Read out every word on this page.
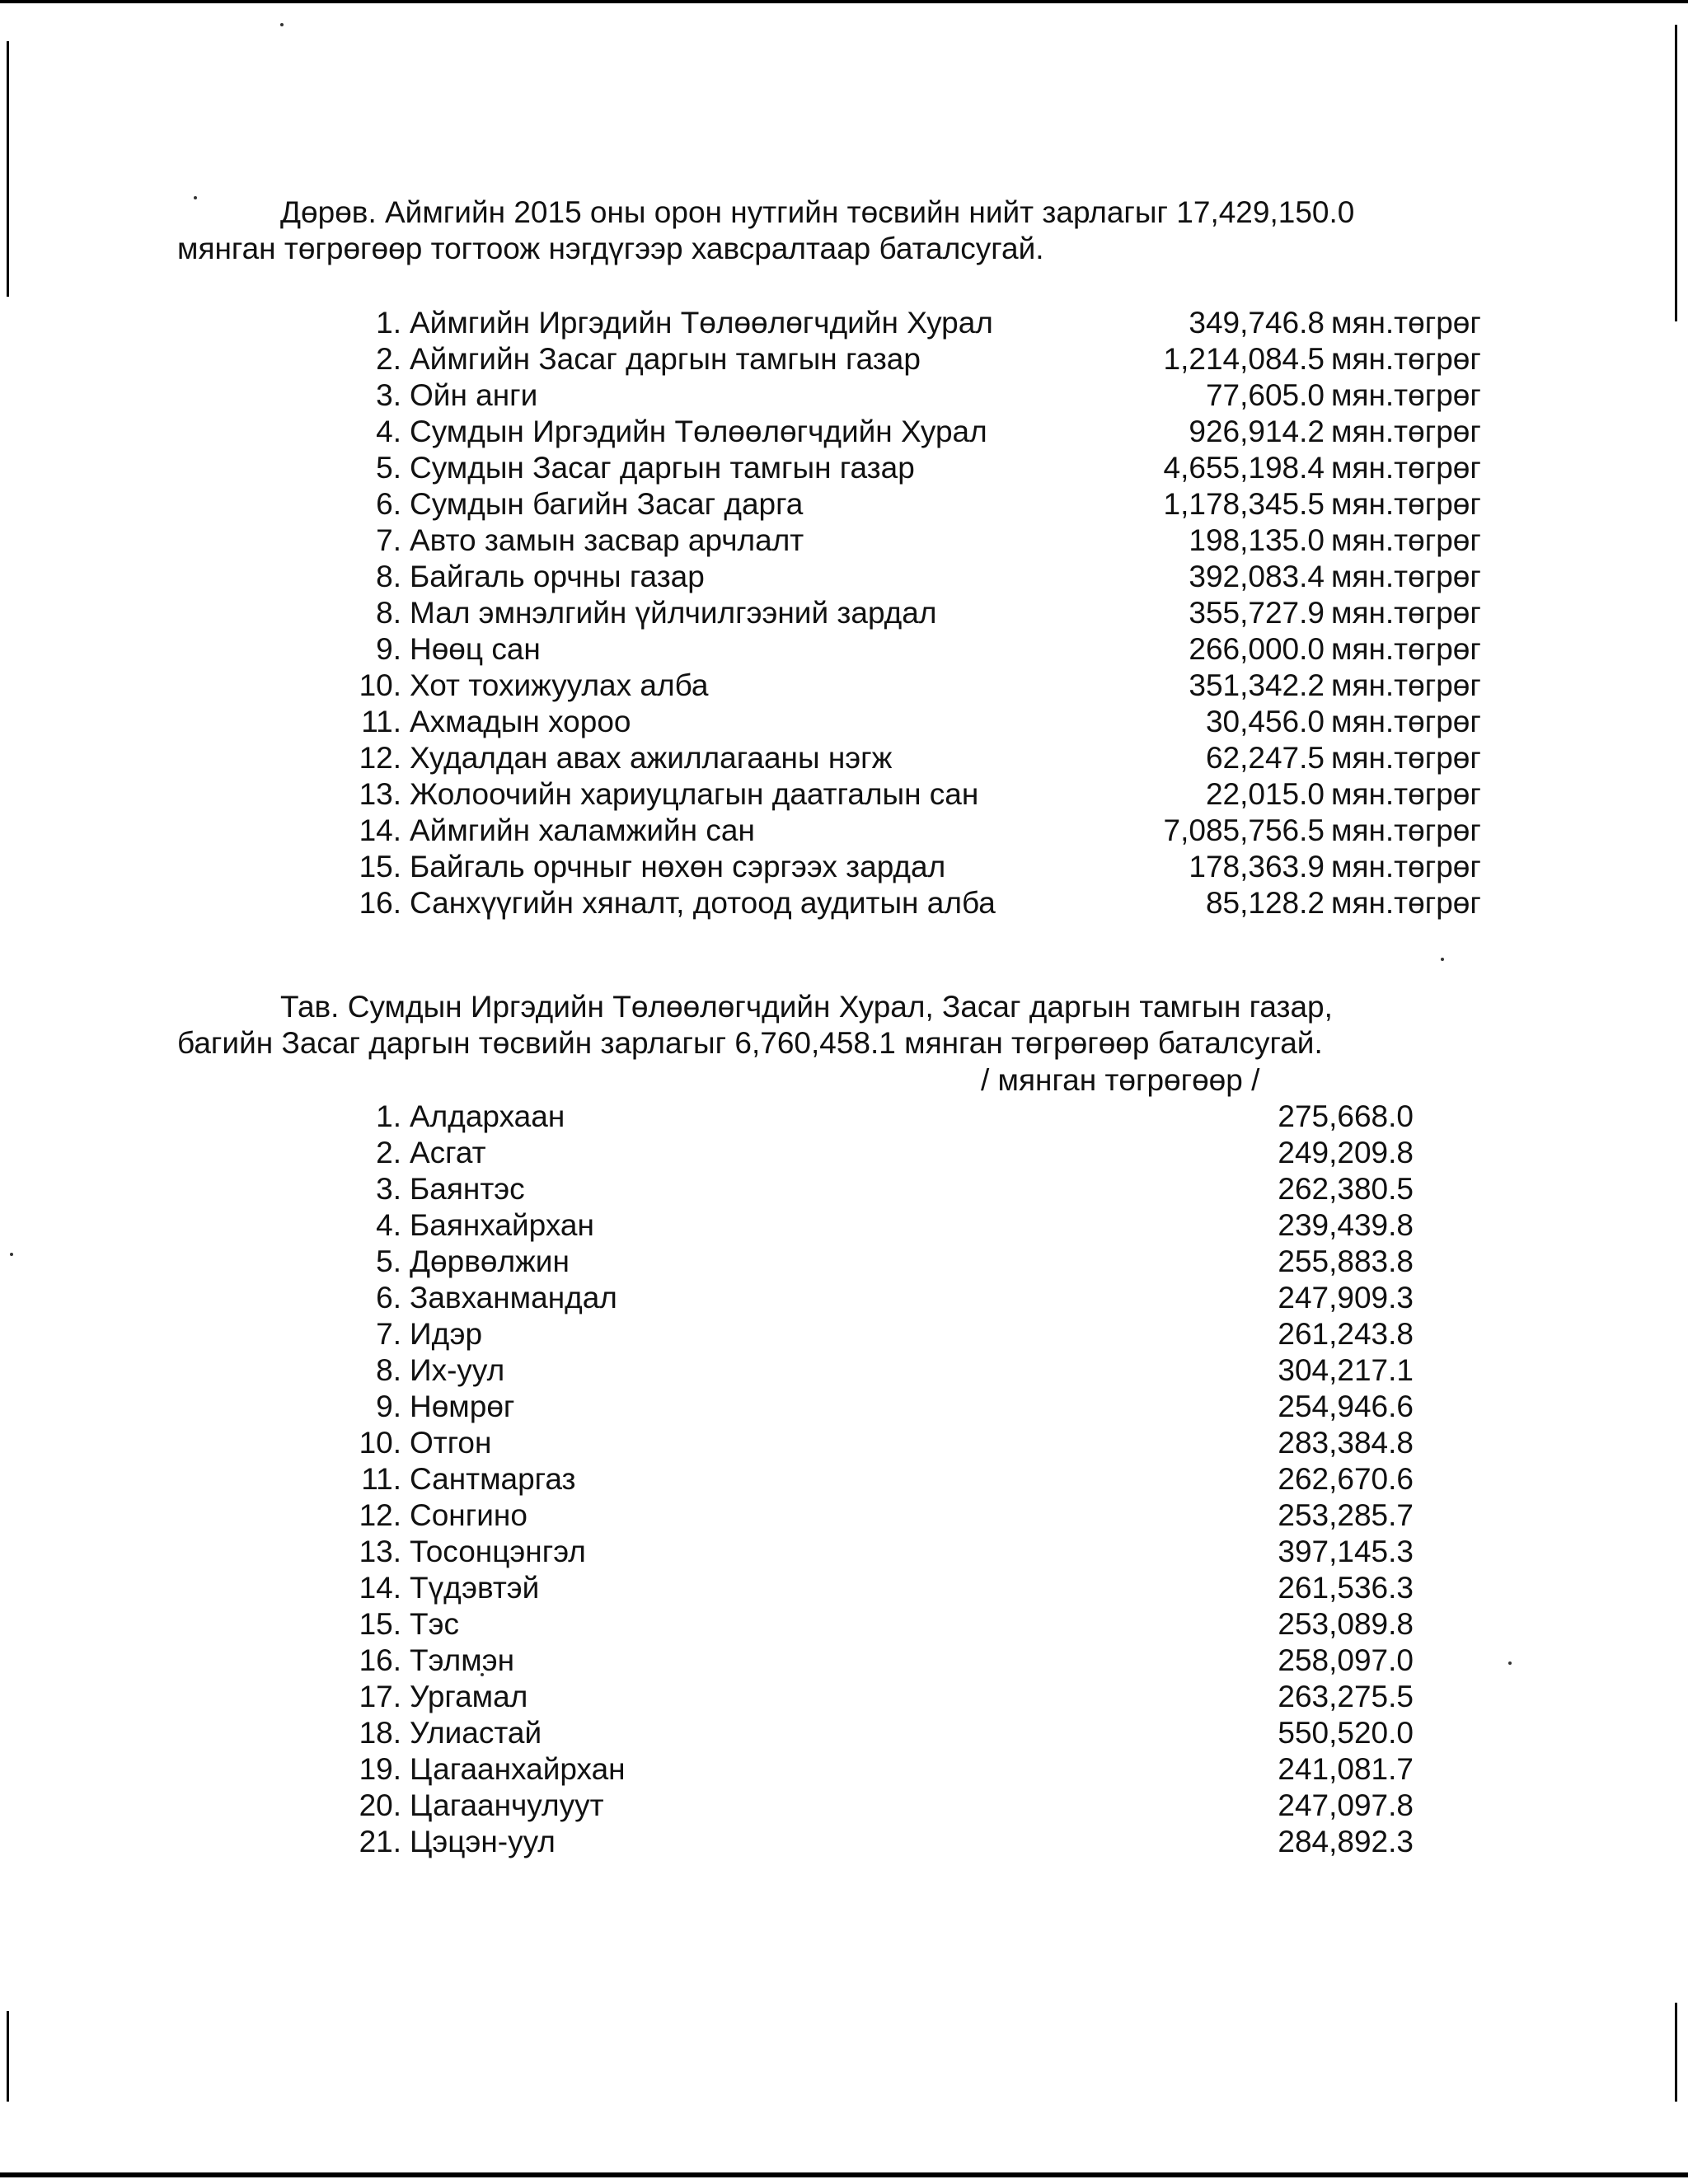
Дөрөв. Аймгийн 2015 оны орон нутгийн төсвийн нийт зарлагыг 17,429,150.0
мянган төгрөгөөр тогтоож нэгдүгээр хавсралтаар баталсугай.

1. Аймгийн Иргэдийн Төлөөлөгчдийн Хурал	349,746.8 мян.төгрөг
2. Аймгийн Засаг даргын тамгын газар	1,214,084.5 мян.төгрөг
3. Ойн анги	77,605.0 мян.төгрөг
4. Сумдын Иргэдийн Төлөөлөгчдийн Хурал	926,914.2 мян.төгрөг
5. Сумдын Засаг даргын тамгын газар	4,655,198.4 мян.төгрөг
6. Сумдын багийн Засаг дарга	1,178,345.5 мян.төгрөг
7. Авто замын засвар арчлалт	198,135.0 мян.төгрөг
8. Байгаль орчны газар	392,083.4 мян.төгрөг
8. Мал эмнэлгийн үйлчилгээний зардал	355,727.9 мян.төгрөг
9. Нөөц сан	266,000.0 мян.төгрөг
10. Хот тохижуулах алба	351,342.2 мян.төгрөг
11. Ахмадын хороо	30,456.0 мян.төгрөг
12. Худалдан авах ажиллагааны нэгж	62,247.5 мян.төгрөг
13. Жолоочийн хариуцлагын даатгалын сан	22,015.0 мян.төгрөг
14. Аймгийн халамжийн сан	7,085,756.5 мян.төгрөг
15. Байгаль орчныг нөхөн сэргээх зардал	178,363.9 мян.төгрөг
16. Санхүүгийн хяналт, дотоод аудитын алба	85,128.2 мян.төгрөг

Тав. Сумдын Иргэдийн Төлөөлөгчдийн Хурал, Засаг даргын тамгын газар,
багийн Засаг даргын төсвийн зарлагыг 6,760,458.1 мянган төгрөгөөр баталсугай.

/ мянган төгрөгөөр /
1. Алдархаан	275,668.0
2. Асгат	249,209.8
3. Баянтэс	262,380.5
4. Баянхайрхан	239,439.8
5. Дөрвөлжин	255,883.8
6. Завханмандал	247,909.3
7. Идэр	261,243.8
8. Их-уул	304,217.1
9. Нөмрөг	254,946.6
10. Отгон	283,384.8
11. Сантмаргаз	262,670.6
12. Сонгино	253,285.7
13. Тосонцэнгэл	397,145.3
14. Түдэвтэй	261,536.3
15. Тэс	253,089.8
16. Тэлмэн	258,097.0
17. Ургамал	263,275.5
18. Улиастай	550,520.0
19. Цагаанхайрхан	241,081.7
20. Цагаанчулуут	247,097.8
21. Цэцэн-уул	284,892.3
